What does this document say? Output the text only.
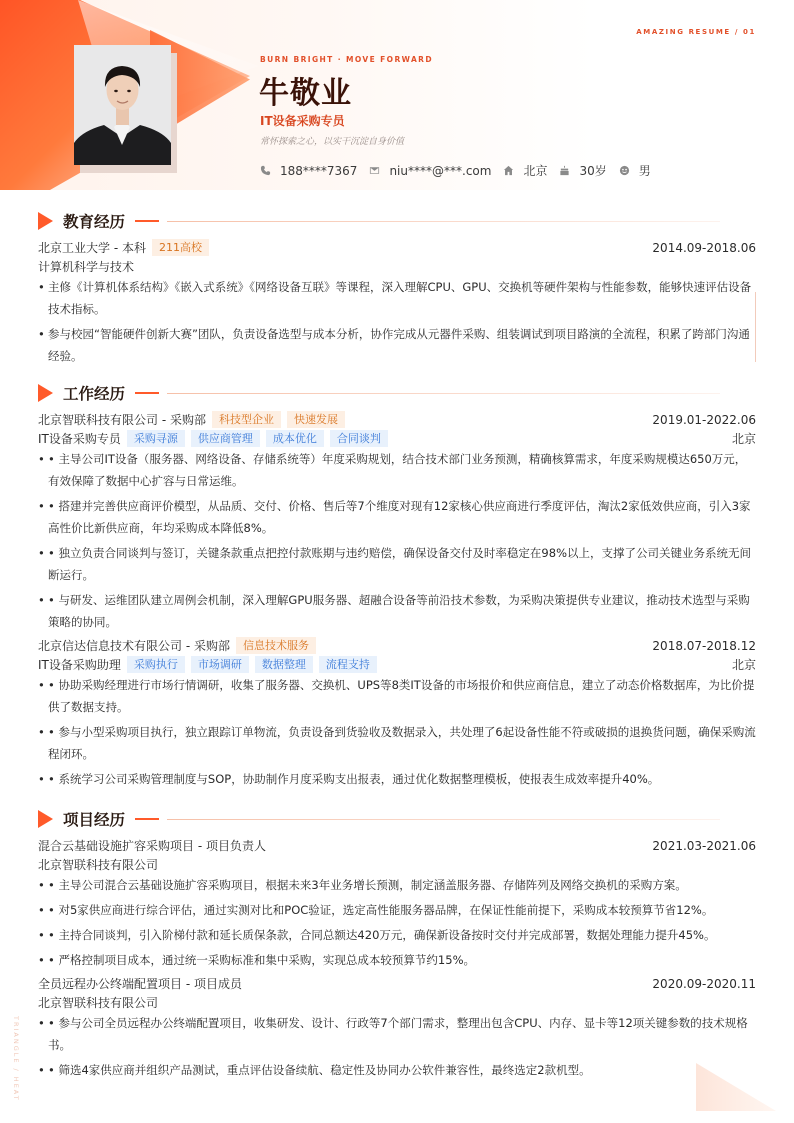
AMAZING RESUME / 01
BURN BRIGHT · MOVE FORWARD
牛敬业
IT设备采购专员
常怀探索之心，以实干沉淀自身价值
188****7367	niu****@***.com	北京	30岁	男
教育经历
北京工业大学 - 本科	211高校	2014.09-2018.06
计算机科学与技术
• 主修《计算机体系结构》《嵌入式系统》《网络设备互联》等课程，深入理解CPU、GPU、交换机等硬件架构与性能参数，能够快速评估设备技术指标。
• 参与校园“智能硬件创新大赛”团队，负责设备选型与成本分析，协作完成从元器件采购、组装调试到项目路演的全流程，积累了跨部门沟通经验。
工作经历
北京智联科技有限公司 - 采购部	科技型企业	快速发展	2019.01-2022.06
IT设备采购专员	采购寻源	供应商管理	成本优化	合同谈判	北京
• • 主导公司IT设备（服务器、网络设备、存储系统等）年度采购规划，结合技术部门业务预测，精确核算需求，年度采购规模达650万元，有效保障了数据中心扩容与日常运维。
• • 搭建并完善供应商评价模型，从品质、交付、价格、售后等7个维度对现有12家核心供应商进行季度评估，淘汰2家低效供应商，引入3家高性价比新供应商，年均采购成本降低8%。
• • 独立负责合同谈判与签订，关键条款重点把控付款账期与违约赔偿，确保设备交付及时率稳定在98%以上，支撑了公司关键业务系统无间断运行。
• • 与研发、运维团队建立周例会机制，深入理解GPU服务器、超融合设备等前沿技术参数，为采购决策提供专业建议，推动技术选型与采购策略的协同。
北京信达信息技术有限公司 - 采购部	信息技术服务	2018.07-2018.12
IT设备采购助理	采购执行	市场调研	数据整理	流程支持	北京
• • 协助采购经理进行市场行情调研，收集了服务器、交换机、UPS等8类IT设备的市场报价和供应商信息，建立了动态价格数据库，为比价提供了数据支持。
• • 参与小型采购项目执行，独立跟踪订单物流，负责设备到货验收及数据录入，共处理了6起设备性能不符或破损的退换货问题，确保采购流程闭环。
• • 系统学习公司采购管理制度与SOP，协助制作月度采购支出报表，通过优化数据整理模板，使报表生成效率提升40%。
项目经历
混合云基础设施扩容采购项目 - 项目负责人	2021.03-2021.06
北京智联科技有限公司
• • 主导公司混合云基础设施扩容采购项目，根据未来3年业务增长预测，制定涵盖服务器、存储阵列及网络交换机的采购方案。
• • 对5家供应商进行综合评估，通过实测对比和POC验证，选定高性能服务器品牌，在保证性能前提下，采购成本较预算节省12%。
• • 主持合同谈判，引入阶梯付款和延长质保条款，合同总额达420万元，确保新设备按时交付并完成部署，数据处理能力提升45%。
• • 严格控制项目成本，通过统一采购标准和集中采购，实现总成本较预算节约15%。
全员远程办公终端配置项目 - 项目成员	2020.09-2020.11
北京智联科技有限公司
• • 参与公司全员远程办公终端配置项目，收集研发、设计、行政等7个部门需求，整理出包含CPU、内存、显卡等12项关键参数的技术规格书。
• • 筛选4家供应商并组织产品测试，重点评估设备续航、稳定性及协同办公软件兼容性，最终选定2款机型。
TRIANGLE / HEAT
